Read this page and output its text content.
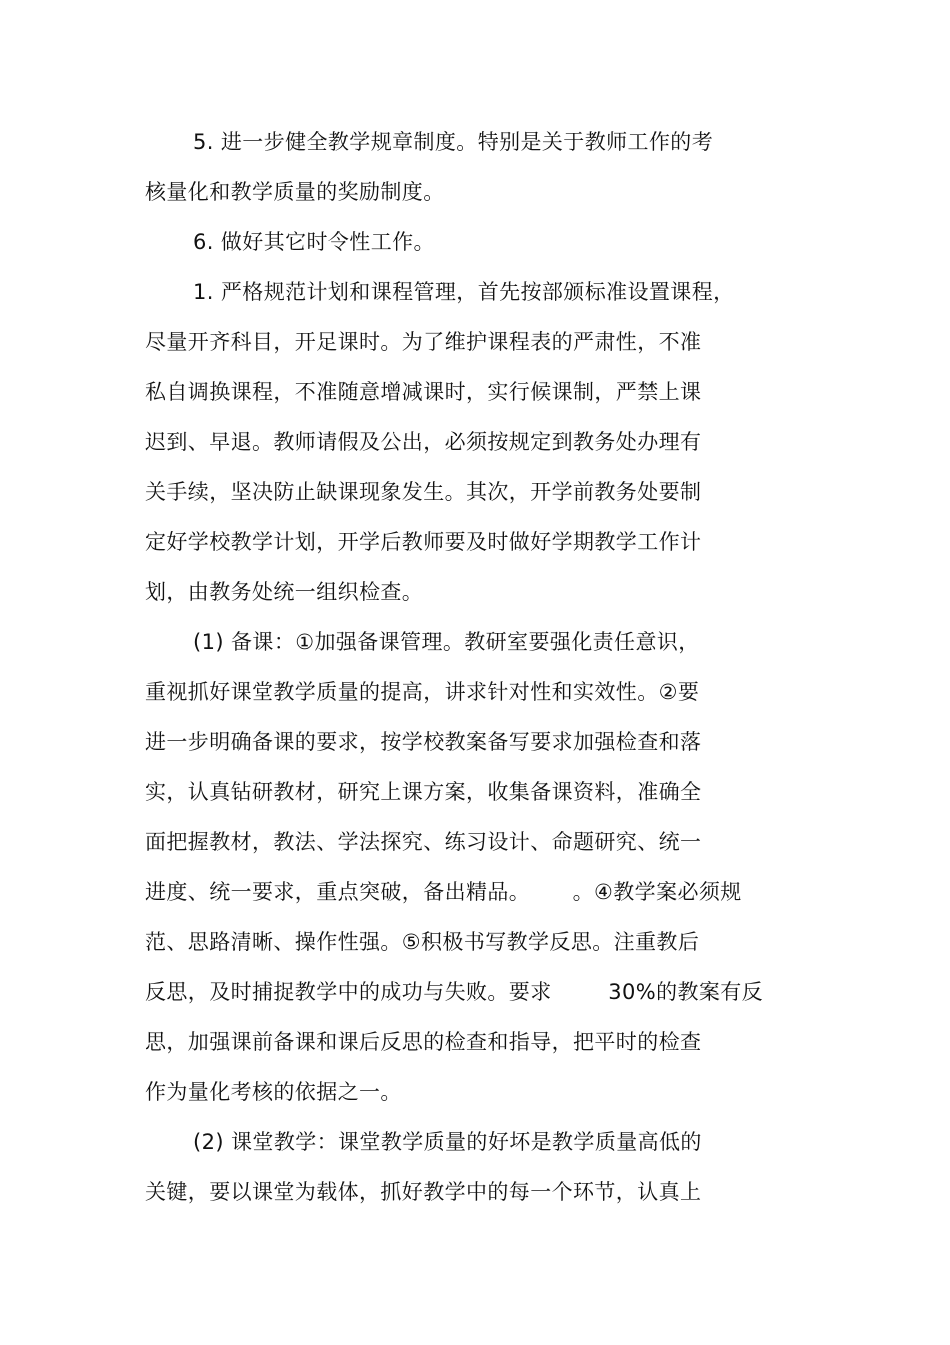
5. 进一步健全教学规章制度。特别是关于教师工作的考
核量化和教学质量的奖励制度。
6. 做好其它时令性工作。
1. 严格规范计划和课程管理，首先按部颁标准设置课程，
尽量开齐科目，开足课时。为了维护课程表的严肃性，不准
私自调换课程，不准随意增减课时，实行候课制，严禁上课
迟到、早退。教师请假及公出，必须按规定到教务处办理有
关手续，坚决防止缺课现象发生。其次，开学前教务处要制
定好学校教学计划，开学后教师要及时做好学期教学工作计
划，由教务处统一组织检查。
(1) 备课：①加强备课管理。教研室要强化责任意识，
重视抓好课堂教学质量的提高，讲求针对性和实效性。②要
进一步明确备课的要求，按学校教案备写要求加强检查和落
实，认真钻研教材，研究上课方案，收集备课资料，准确全
面把握教材，教法、学法探究、练习设计、命题研究、统一
进度、统一要求，重点突破，备出精品。      。④教学案必须规
范、思路清晰、操作性强。⑤积极书写教学反思。注重教后
反思，及时捕捉教学中的成功与失败。要求        30%的教案有反
思，加强课前备课和课后反思的检查和指导，把平时的检查
作为量化考核的依据之一。
(2) 课堂教学：课堂教学质量的好坏是教学质量高低的
关键，要以课堂为载体，抓好教学中的每一个环节，认真上
